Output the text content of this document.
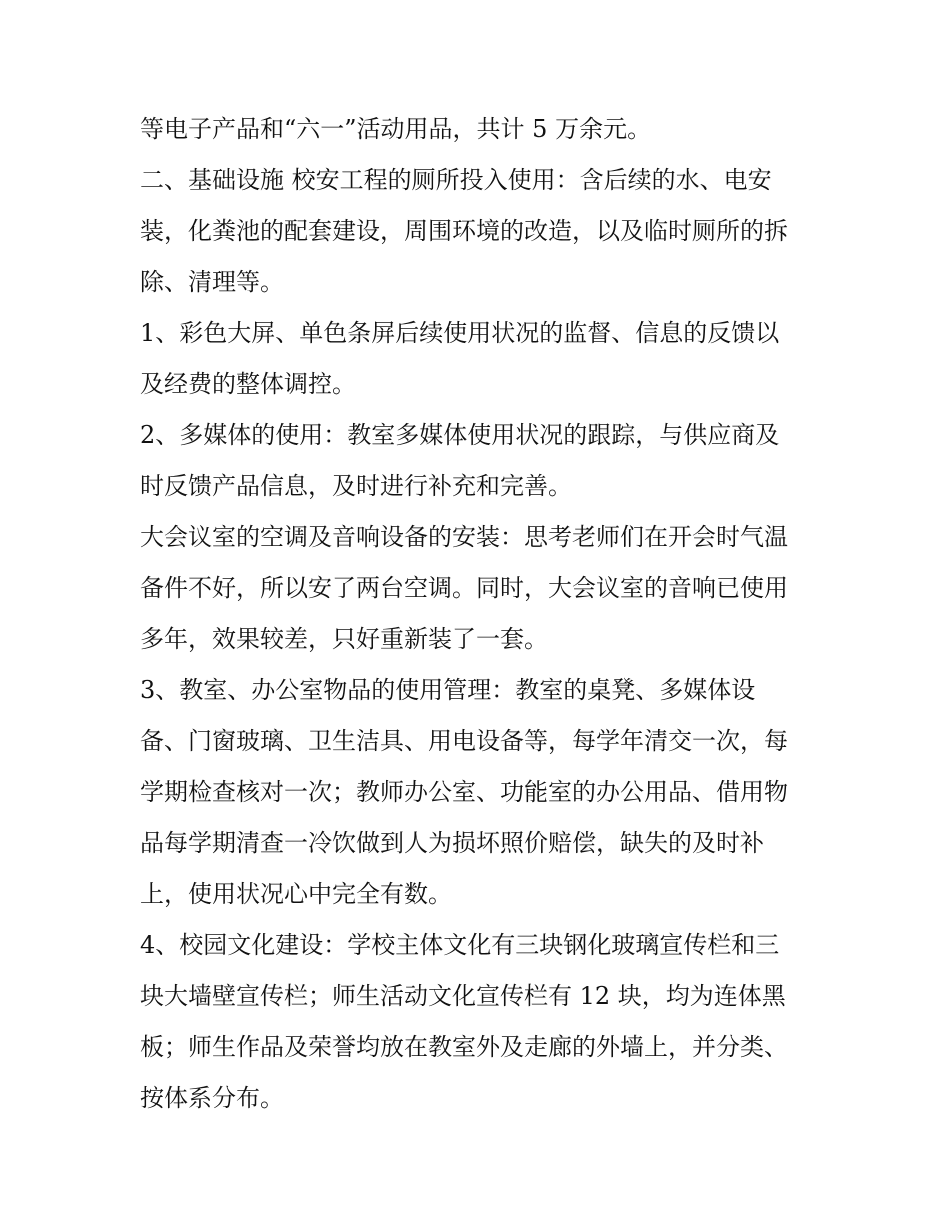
等电子产品和“六一”活动用品，共计 5 万余元。
二、基础设施 校安工程的厕所投入使用：含后续的水、电安
装，化粪池的配套建设，周围环境的改造，以及临时厕所的拆
除、清理等。
1、彩色大屏、单色条屏后续使用状况的监督、信息的反馈以
及经费的整体调控。
2、多媒体的使用：教室多媒体使用状况的跟踪，与供应商及
时反馈产品信息，及时进行补充和完善。
大会议室的空调及音响设备的安装：思考老师们在开会时气温
备件不好，所以安了两台空调。同时，大会议室的音响已使用
多年，效果较差，只好重新装了一套。
3、教室、办公室物品的使用管理：教室的桌凳、多媒体设
备、门窗玻璃、卫生洁具、用电设备等，每学年清交一次，每
学期检查核对一次；教师办公室、功能室的办公用品、借用物
品每学期清查一冷饮做到人为损坏照价赔偿，缺失的及时补
上，使用状况心中完全有数。
4、校园文化建设：学校主体文化有三块钢化玻璃宣传栏和三
块大墙壁宣传栏；师生活动文化宣传栏有 12 块，均为连体黑
板；师生作品及荣誉均放在教室外及走廊的外墙上，并分类、
按体系分布。
